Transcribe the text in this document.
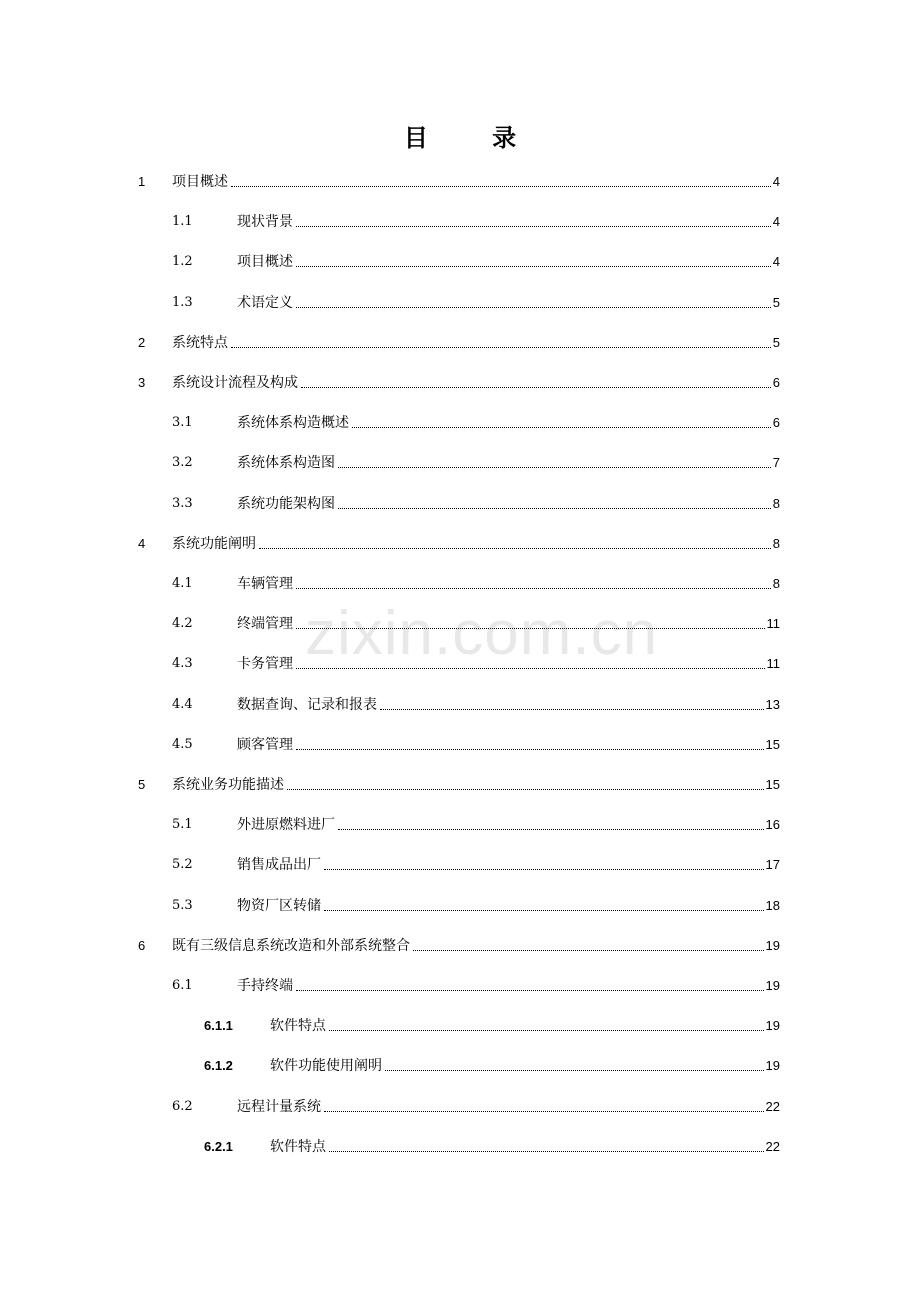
目 录
1 项目概述	4
1.1	现状背景	4
1.2	项目概述	4
1.3	术语定义	5
2 系统特点	5
3 系统设计流程及构成	6
3.1	系统体系构造概述	6
3.2	系统体系构造图	7
3.3	系统功能架构图	8
4 系统功能阐明	8
4.1	车辆管理	8
4.2	终端管理	11
4.3	卡务管理	11
4.4	数据查询、记录和报表	13
4.5	顾客管理	15
5 系统业务功能描述	15
5.1	外进原燃料进厂	16
5.2	销售成品出厂	17
5.3	物资厂区转储	18
6 既有三级信息系统改造和外部系统整合	19
6.1	手持终端	19
6.1.1	软件特点	19
6.1.2	软件功能使用阐明	19
6.2	远程计量系统	22
6.2.1	软件特点	22
zixin.com.cn
